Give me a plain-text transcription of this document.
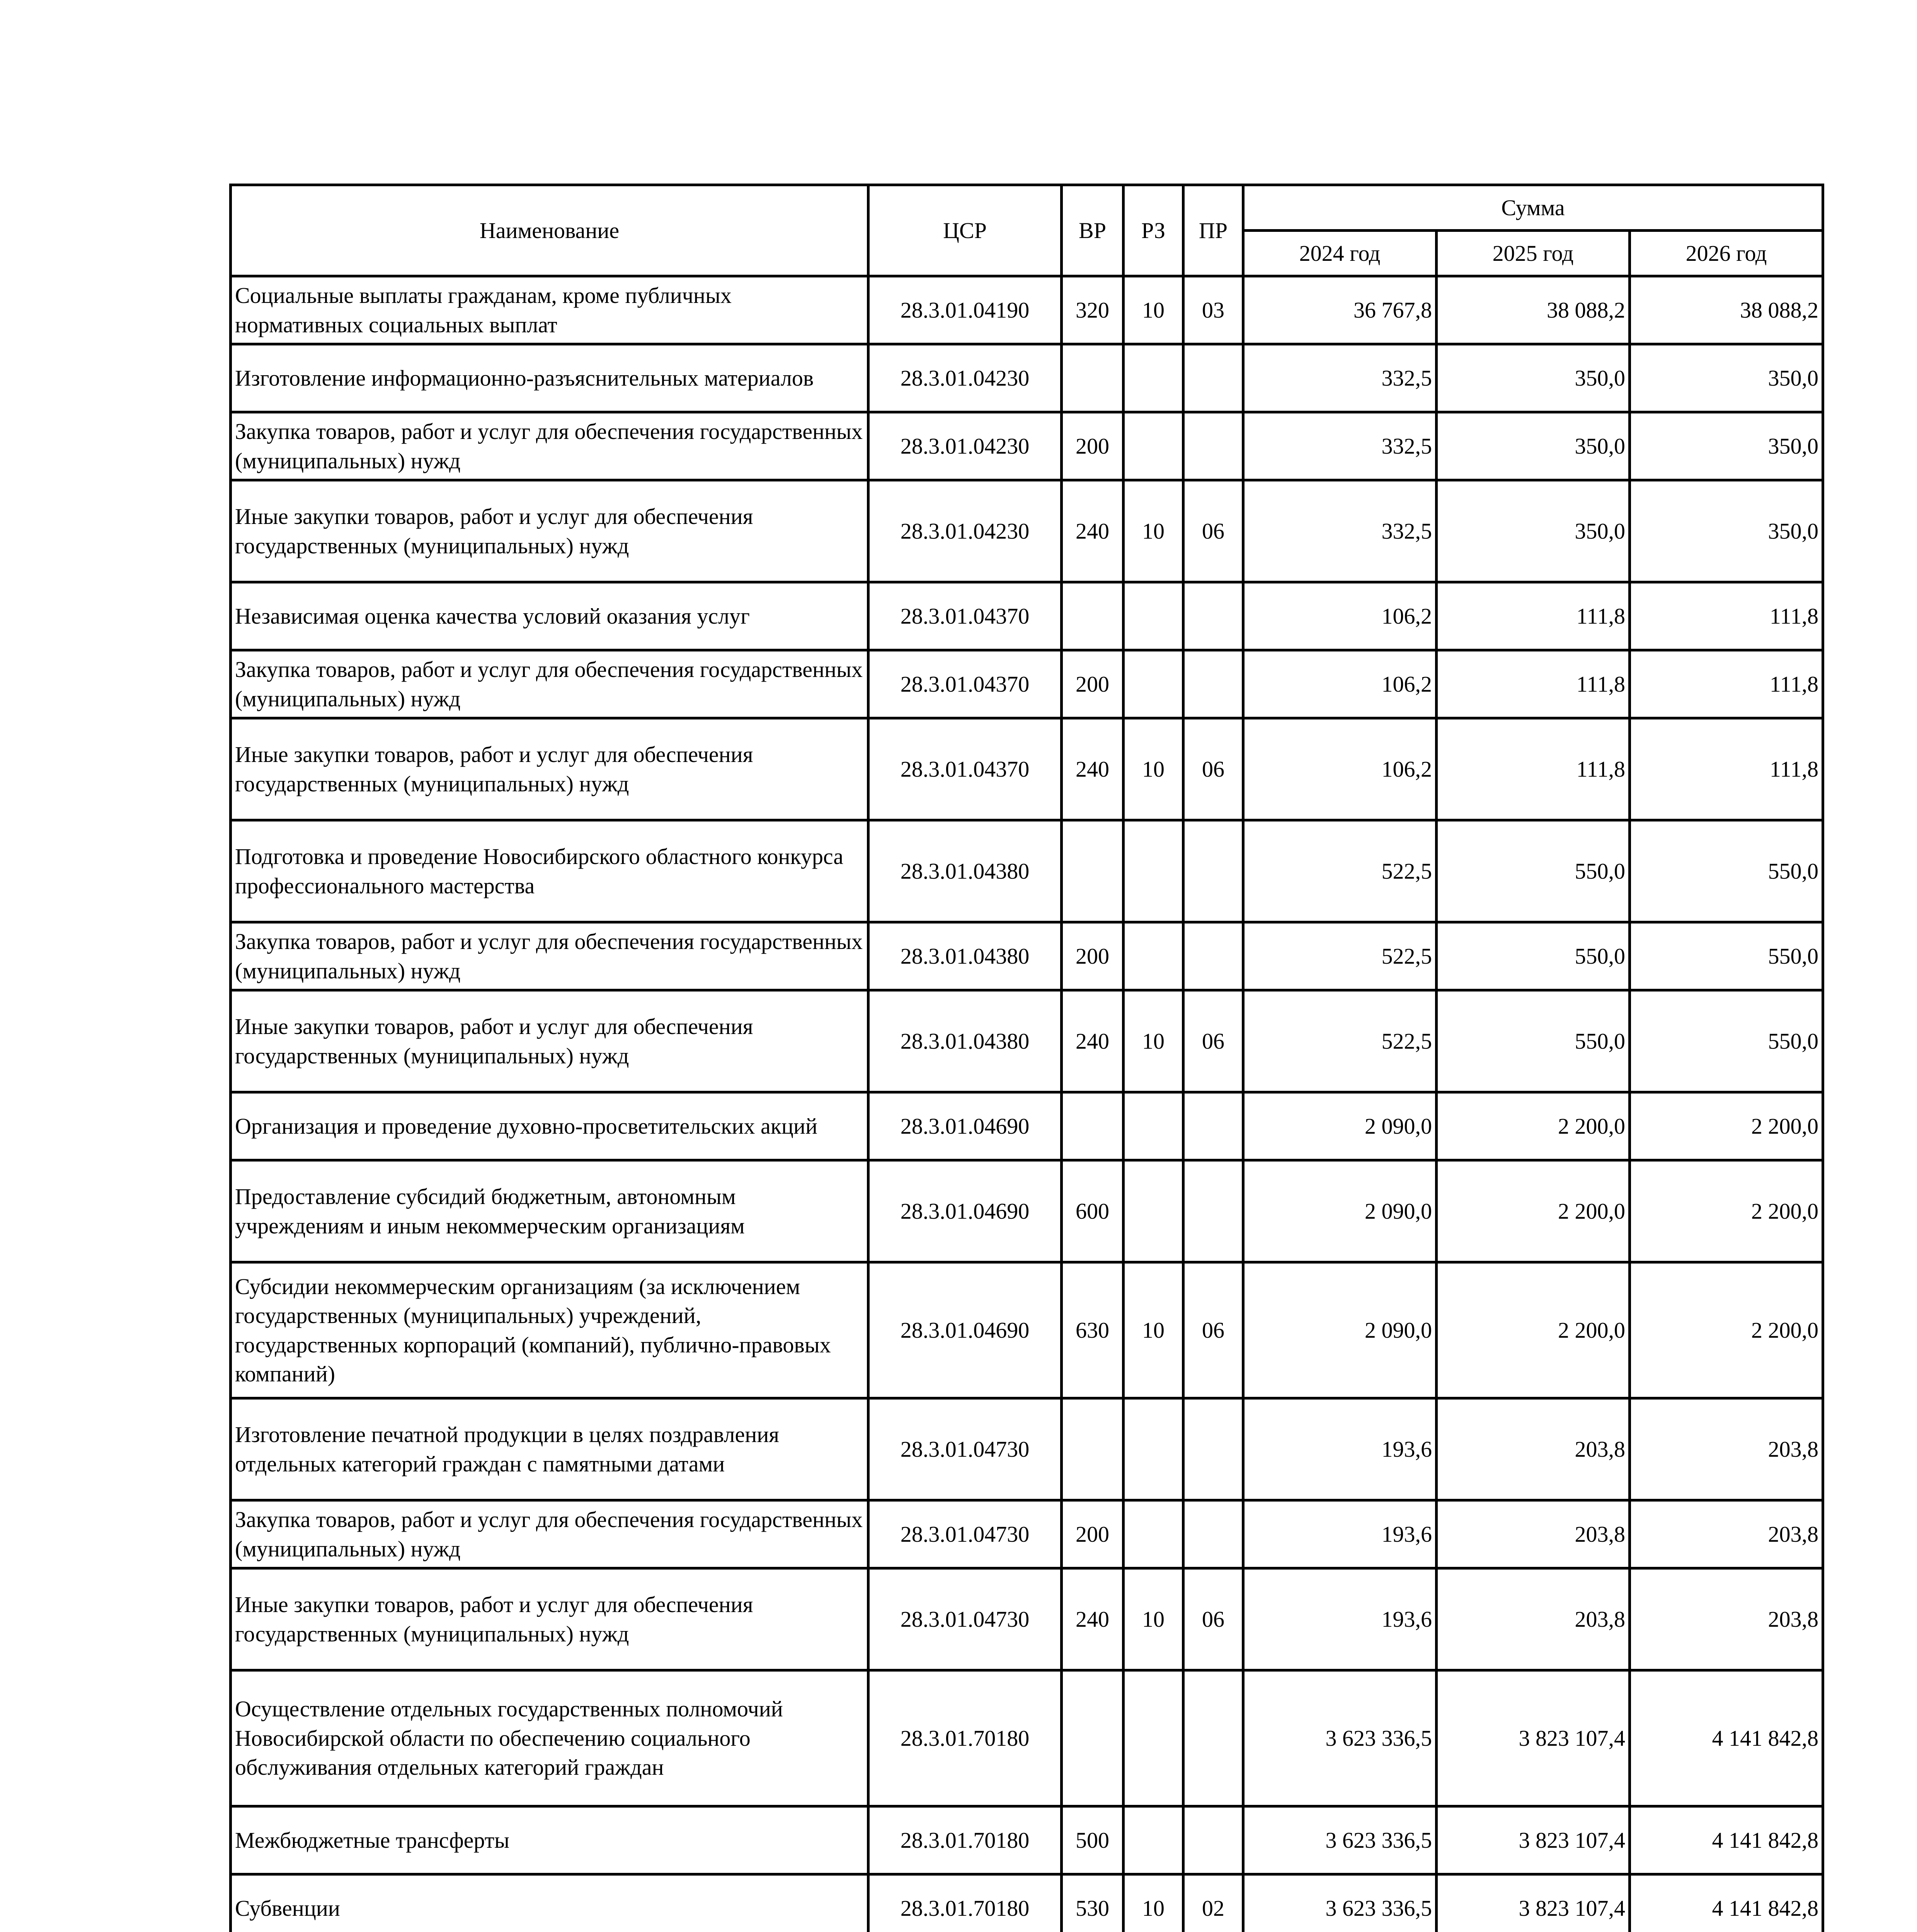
Наименование	ЦСР	ВР	РЗ	ПР	Сумма		
					2024 год	2025 год	2026 год
Социальные выплаты гражданам, кроме публичных нормативных социальных выплат	28.3.01.04190	320	10	03	36 767,8	38 088,2	38 088,2
Изготовление информационно-разъяснительных материалов	28.3.01.04230				332,5	350,0	350,0
Закупка товаров, работ и услуг для обеспечения государственных (муниципальных) нужд	28.3.01.04230	200			332,5	350,0	350,0
Иные закупки товаров, работ и услуг для обеспечения государственных (муниципальных) нужд	28.3.01.04230	240	10	06	332,5	350,0	350,0
Независимая оценка качества условий оказания услуг	28.3.01.04370				106,2	111,8	111,8
Закупка товаров, работ и услуг для обеспечения государственных (муниципальных) нужд	28.3.01.04370	200			106,2	111,8	111,8
Иные закупки товаров, работ и услуг для обеспечения государственных (муниципальных) нужд	28.3.01.04370	240	10	06	106,2	111,8	111,8
Подготовка и проведение Новосибирского областного конкурса профессионального мастерства	28.3.01.04380				522,5	550,0	550,0
Закупка товаров, работ и услуг для обеспечения государственных (муниципальных) нужд	28.3.01.04380	200			522,5	550,0	550,0
Иные закупки товаров, работ и услуг для обеспечения государственных (муниципальных) нужд	28.3.01.04380	240	10	06	522,5	550,0	550,0
Организация и проведение духовно-просветительских акций	28.3.01.04690				2 090,0	2 200,0	2 200,0
Предоставление субсидий бюджетным, автономным учреждениям и иным некоммерческим организациям	28.3.01.04690	600			2 090,0	2 200,0	2 200,0
Субсидии некоммерческим организациям (за исключением государственных (муниципальных) учреждений, государственных корпораций (компаний), публично-правовых компаний)	28.3.01.04690	630	10	06	2 090,0	2 200,0	2 200,0
Изготовление печатной продукции в целях поздравления отдельных категорий граждан с памятными датами	28.3.01.04730				193,6	203,8	203,8
Закупка товаров, работ и услуг для обеспечения государственных (муниципальных) нужд	28.3.01.04730	200			193,6	203,8	203,8
Иные закупки товаров, работ и услуг для обеспечения государственных (муниципальных) нужд	28.3.01.04730	240	10	06	193,6	203,8	203,8
Осуществление отдельных государственных полномочий Новосибирской области по обеспечению социального обслуживания отдельных категорий граждан	28.3.01.70180				3 623 336,5	3 823 107,4	4 141 842,8
Межбюджетные трансферты	28.3.01.70180	500			3 623 336,5	3 823 107,4	4 141 842,8
Субвенции	28.3.01.70180	530	10	02	3 623 336,5	3 823 107,4	4 141 842,8
